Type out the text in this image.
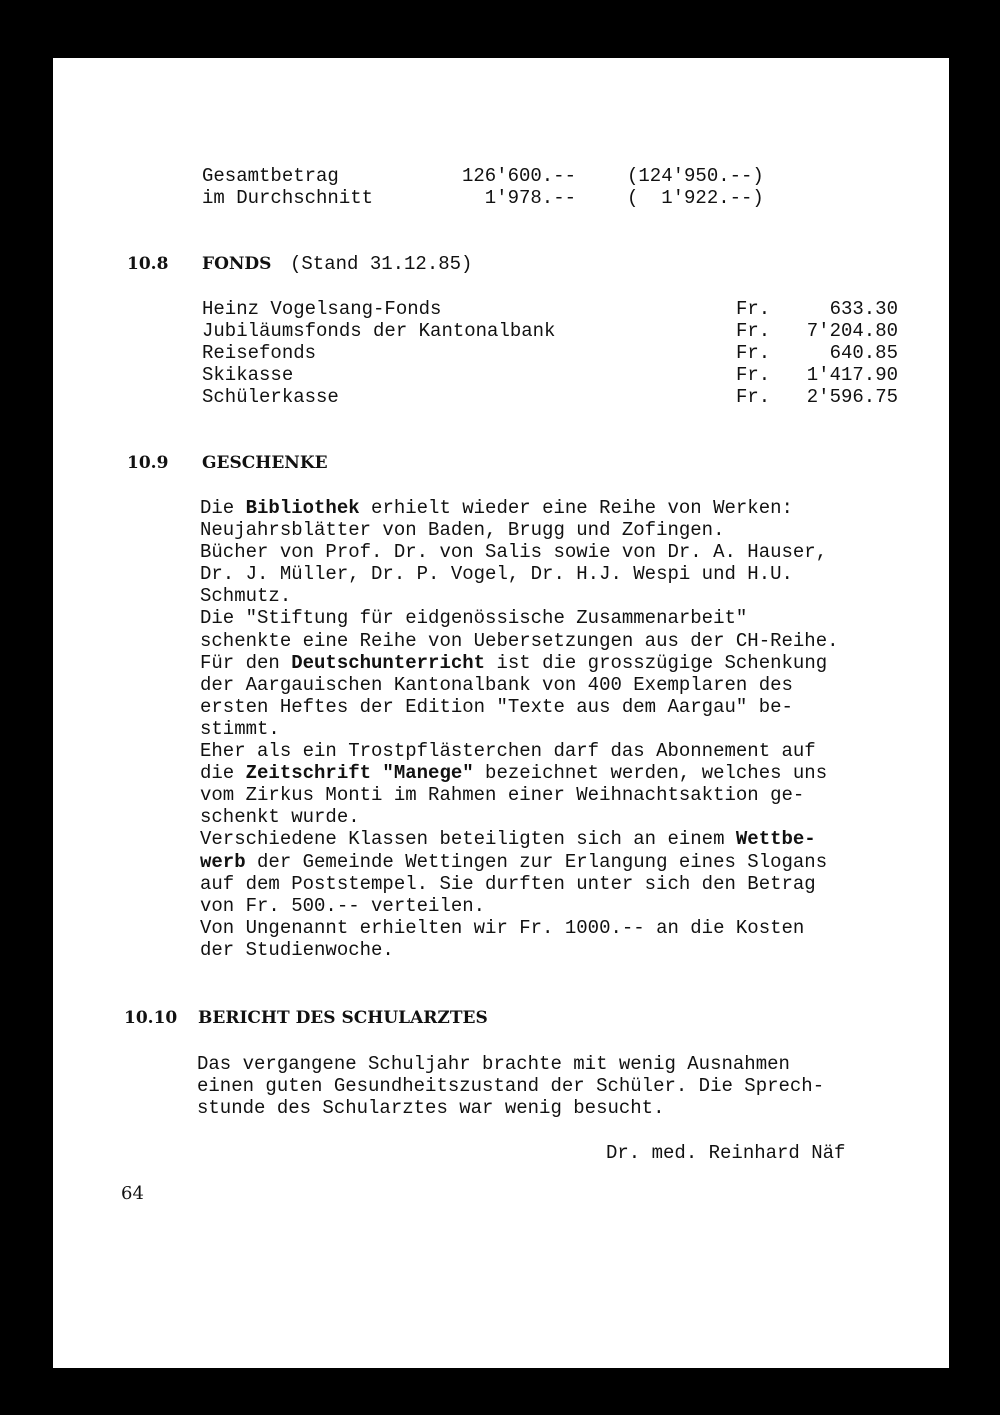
Gesamtbetrag	126'600.--	(124'950.--)
im Durchschnitt	1'978.--	(  1'922.--)
10.8 FONDS (Stand 31.12.85)
Heinz Vogelsang-Fonds	Fr.	633.30
Jubiläumsfonds der Kantonalbank	Fr.	7'204.80
Reisefonds	Fr.	640.85
Skikasse	Fr.	1'417.90
Schülerkasse	Fr.	2'596.75
10.9 GESCHENKE
Die Bibliothek erhielt wieder eine Reihe von Werken:
Neujahrsblätter von Baden, Brugg und Zofingen.
Bücher von Prof. Dr. von Salis sowie von Dr. A. Hauser,
Dr. J. Müller, Dr. P. Vogel, Dr. H.J. Wespi und H.U.
Schmutz.
Die "Stiftung für eidgenössische Zusammenarbeit"
schenkte eine Reihe von Uebersetzungen aus der CH-Reihe.
Für den Deutschunterricht ist die grosszügige Schenkung
der Aargauischen Kantonalbank von 400 Exemplaren des
ersten Heftes der Edition "Texte aus dem Aargau" be-
stimmt.
Eher als ein Trostpflästerchen darf das Abonnement auf
die Zeitschrift "Manege" bezeichnet werden, welches uns
vom Zirkus Monti im Rahmen einer Weihnachtsaktion ge-
schenkt wurde.
Verschiedene Klassen beteiligten sich an einem Wettbe-
werb der Gemeinde Wettingen zur Erlangung eines Slogans
auf dem Poststempel. Sie durften unter sich den Betrag
von Fr. 500.-- verteilen.
Von Ungenannt erhielten wir Fr. 1000.-- an die Kosten
der Studienwoche.
10.10 BERICHT DES SCHULARZTES
Das vergangene Schuljahr brachte mit wenig Ausnahmen
einen guten Gesundheitszustand der Schüler. Die Sprech-
stunde des Schularztes war wenig besucht.
Dr. med. Reinhard Näf
64
